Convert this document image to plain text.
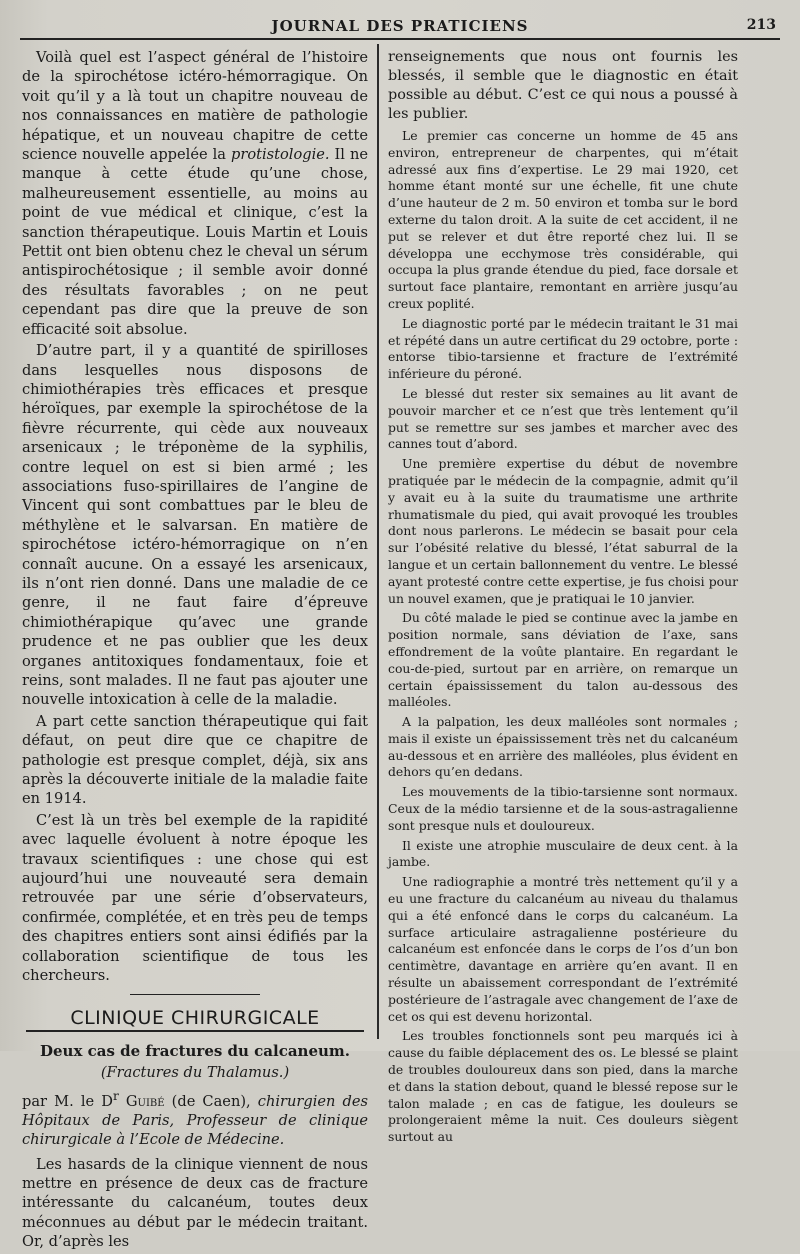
JOURNAL DES PRATICIENS	213

Voilà quel est l’aspect général de l’histoire de la spirochétose ictéro-hémorragique. On voit qu’il y a là tout un chapitre nouveau de nos connaissances en matière de pathologie hépatique, et un nouveau chapitre de cette science nouvelle appelée la protistologie. Il ne manque à cette étude qu’une chose, malheureusement essentielle, au moins au point de vue médical et clinique, c’est la sanction thérapeutique. Louis Martin et Louis Pettit ont bien obtenu chez le cheval un sérum antispirochétosique ; il semble avoir donné des résultats favorables ; on ne peut cependant pas dire que la preuve de son efficacité soit absolue.

D’autre part, il y a quantité de spirilloses dans lesquelles nous disposons de chimiothérapies très efficaces et presque héroïques, par exemple la spirochétose de la fièvre récurrente, qui cède aux nouveaux arsenicaux ; le tréponème de la syphilis, contre lequel on est si bien armé ; les associations fuso-spirillaires de l’angine de Vincent qui sont combattues par le bleu de méthylène et le salvarsan. En matière de spirochétose ictéro-hémorragique on n’en connaît aucune. On a essayé les arsenicaux, ils n’ont rien donné. Dans une maladie de ce genre, il ne faut faire d’épreuve chimiothérapique qu’avec une grande prudence et ne pas oublier que les deux organes antitoxiques fondamentaux, foie et reins, sont malades. Il ne faut pas ajouter une nouvelle intoxication à celle de la maladie.

A part cette sanction thérapeutique qui fait défaut, on peut dire que ce chapitre de pathologie est presque complet, déjà, six ans après la découverte initiale de la maladie faite en 1914.

C’est là un très bel exemple de la rapidité avec laquelle évoluent à notre époque les travaux scientifiques : une chose qui est aujourd’hui une nouveauté sera demain retrouvée par une série d’observateurs, confirmée, complétée, et en très peu de temps des chapitres entiers sont ainsi édifiés par la collaboration scientifique de tous les chercheurs.

CLINIQUE CHIRURGICALE
Deux cas de fractures du calcaneum.
(Fractures du Thalamus.)

par M. le $D^r$ Guibé (de Caen), chirurgien des Hôpitaux de Paris, Professeur de clinique chirurgicale à l’Ecole de Médecine.

Les hasards de la clinique viennent de nous mettre en présence de deux cas de fracture intéressante du calcanéum, toutes deux méconnues au début par le médecin traitant. Or, d’après les

renseignements que nous ont fournis les blessés, il semble que le diagnostic en était possible au début. C’est ce qui nous a poussé à les publier.

Le premier cas concerne un homme de 45 ans environ, entrepreneur de charpentes, qui m’était adressé aux fins d’expertise. Le 29 mai 1920, cet homme étant monté sur une échelle, fit une chute d’une hauteur de 2 m. 50 environ et tomba sur le bord externe du talon droit. A la suite de cet accident, il ne put se relever et dut être reporté chez lui. Il se développa une ecchymose très considérable, qui occupa la plus grande étendue du pied, face dorsale et surtout face plantaire, remontant en arrière jusqu’au creux poplité.

Le diagnostic porté par le médecin traitant le 31 mai et répété dans un autre certificat du 29 octobre, porte : entorse tibio-tarsienne et fracture de l’extrémité inférieure du péroné.

Le blessé dut rester six semaines au lit avant de pouvoir marcher et ce n’est que très lentement qu’il put se remettre sur ses jambes et marcher avec des cannes tout d’abord.

Une première expertise du début de novembre pratiquée par le médecin de la compagnie, admit qu’il y avait eu à la suite du traumatisme une arthrite rhumatismale du pied, qui avait provoqué les troubles dont nous parlerons. Le médecin se basait pour cela sur l’obésité relative du blessé, l’état saburral de la langue et un certain ballonnement du ventre. Le blessé ayant protesté contre cette expertise, je fus choisi pour un nouvel examen, que je pratiquai le 10 janvier.

Du côté malade le pied se continue avec la jambe en position normale, sans déviation de l’axe, sans effondrement de la voûte plantaire. En regardant le cou-de-pied, surtout par en arrière, on remarque un certain épaississement du talon au-dessous des malléoles.

A la palpation, les deux malléoles sont normales ; mais il existe un épaississement très net du calcanéum au-dessous et en arrière des malléoles, plus évident en dehors qu’en dedans.

Les mouvements de la tibio-tarsienne sont normaux. Ceux de la médio tarsienne et de la sous-astragalienne sont presque nuls et douloureux.

Il existe une atrophie musculaire de deux cent. à la jambe.

Une radiographie a montré très nettement qu’il y a eu une fracture du calcanéum au niveau du thalamus qui a été enfoncé dans le corps du calcanéum. La surface articulaire astragalienne postérieure du calcanéum est enfoncée dans le corps de l’os d’un bon centimètre, davantage en arrière qu’en avant. Il en résulte un abaissement correspondant de l’extrémité postérieure de l’astragale avec changement de l’axe de cet os qui est devenu horizontal.

Les troubles fonctionnels sont peu marqués ici à cause du faible déplacement des os. Le blessé se plaint de troubles douloureux dans son pied, dans la marche et dans la station debout, quand le blessé repose sur le talon malade ; en cas de fatigue, les douleurs se prolongeraient même la nuit. Ces douleurs siègent surtout au
